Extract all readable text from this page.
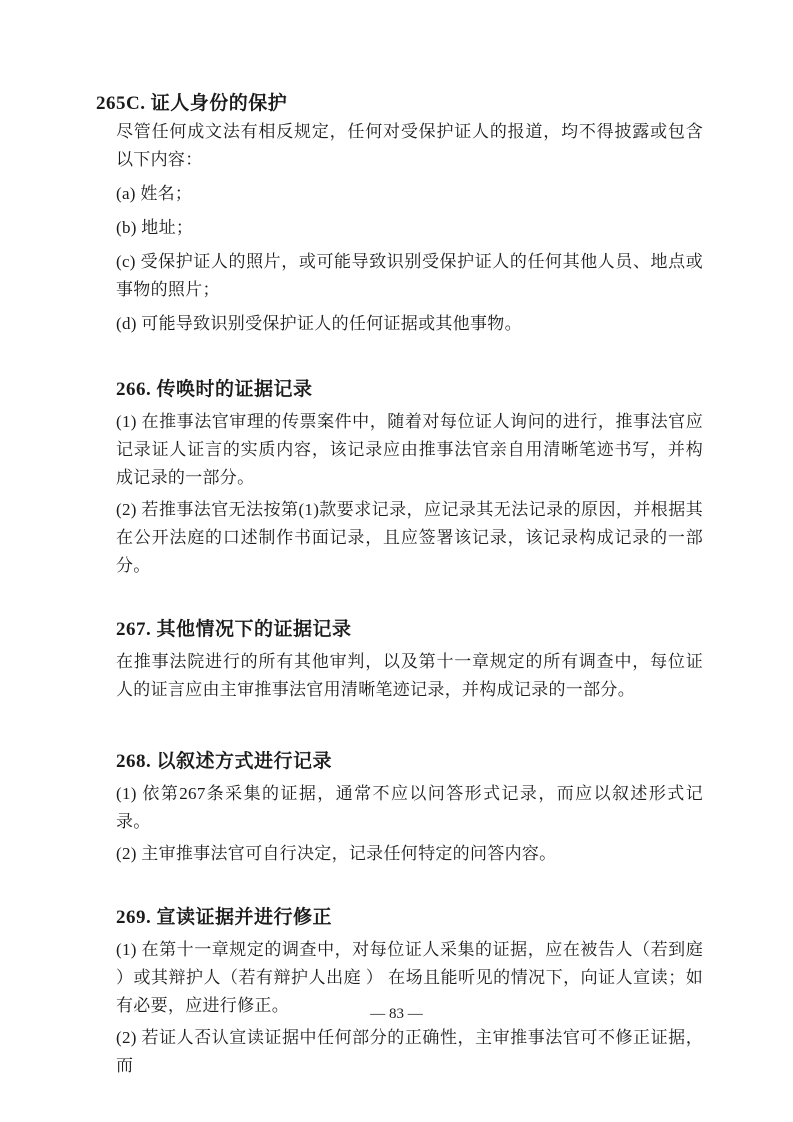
265C. 证人身份的保护

尽管任何成文法有相反规定，任何对受保护证人的报道，均不得披露或包含以下内容：

(a) 姓名；

(b) 地址；

(c) 受保护证人的照片，或可能导致识别受保护证人的任何其他人员、地点或事物的照片；

(d) 可能导致识别受保护证人的任何证据或其他事物。

266. 传唤时的证据记录

(1) 在推事法官审理的传票案件中，随着对每位证人询问的进行，推事法官应记录证人证言的实质内容，该记录应由推事法官亲自用清晰笔迹书写，并构成记录的一部分。

(2) 若推事法官无法按第(1)款要求记录，应记录其无法记录的原因，并根据其在公开法庭的口述制作书面记录，且应签署该记录，该记录构成记录的一部分。

267. 其他情况下的证据记录

在推事法院进行的所有其他审判，以及第十一章规定的所有调查中，每位证人的证言应由主审推事法官用清晰笔迹记录，并构成记录的一部分。

268. 以叙述方式进行记录

(1) 依第267条采集的证据，通常不应以问答形式记录，而应以叙述形式记录。

(2) 主审推事法官可自行决定，记录任何特定的问答内容。

269. 宣读证据并进行修正

(1) 在第十一章规定的调查中，对每位证人采集的证据，应在被告人（若到庭 ）或其辩护人（若有辩护人出庭 ） 在场且能听见的情况下，向证人宣读；如有必要，应进行修正。

(2) 若证人否认宣读证据中任何部分的正确性，主审推事法官可不修正证据，而

— 83 —
